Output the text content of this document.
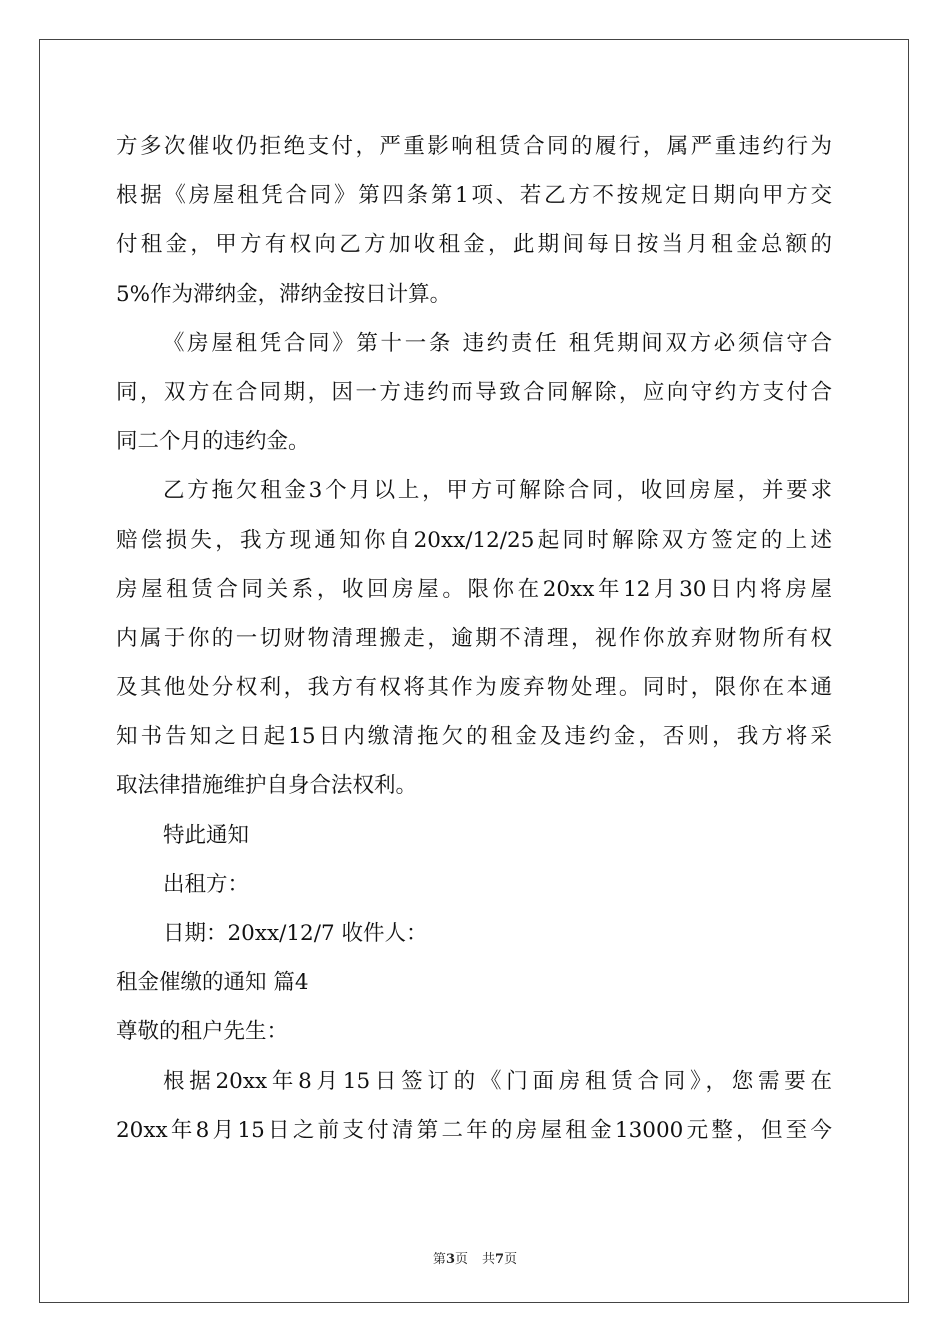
方多次催收仍拒绝支付，严重影响租赁合同的履行，属严重违约行为
根据《房屋租凭合同》第四条第1项、若乙方不按规定日期向甲方交
付租金，甲方有权向乙方加收租金，此期间每日按当月租金总额的
5%作为滞纳金，滞纳金按日计算。
《房屋租凭合同》第十一条 违约责任 租凭期间双方必须信守合
同，双方在合同期，因一方违约而导致合同解除，应向守约方支付合
同二个月的违约金。
乙方拖欠租金3个月以上，甲方可解除合同，收回房屋，并要求
赔偿损失，我方现通知你自20xx/12/25起同时解除双方签定的上述
房屋租赁合同关系，收回房屋。限你在20xx年12月30日内将房屋
内属于你的一切财物清理搬走，逾期不清理，视作你放弃财物所有权
及其他处分权利，我方有权将其作为废弃物处理。同时，限你在本通
知书告知之日起15日内缴清拖欠的租金及违约金，否则，我方将采
取法律措施维护自身合法权利。
特此通知
出租方：
日期：20xx/12/7 收件人：
租金催缴的通知 篇4
尊敬的租户先生：
根据20xx年8月15日签订的《门面房租赁合同》，您需要在
20xx年8月15日之前支付清第二年的房屋租金13000元整，但至今
第3页 共7页
